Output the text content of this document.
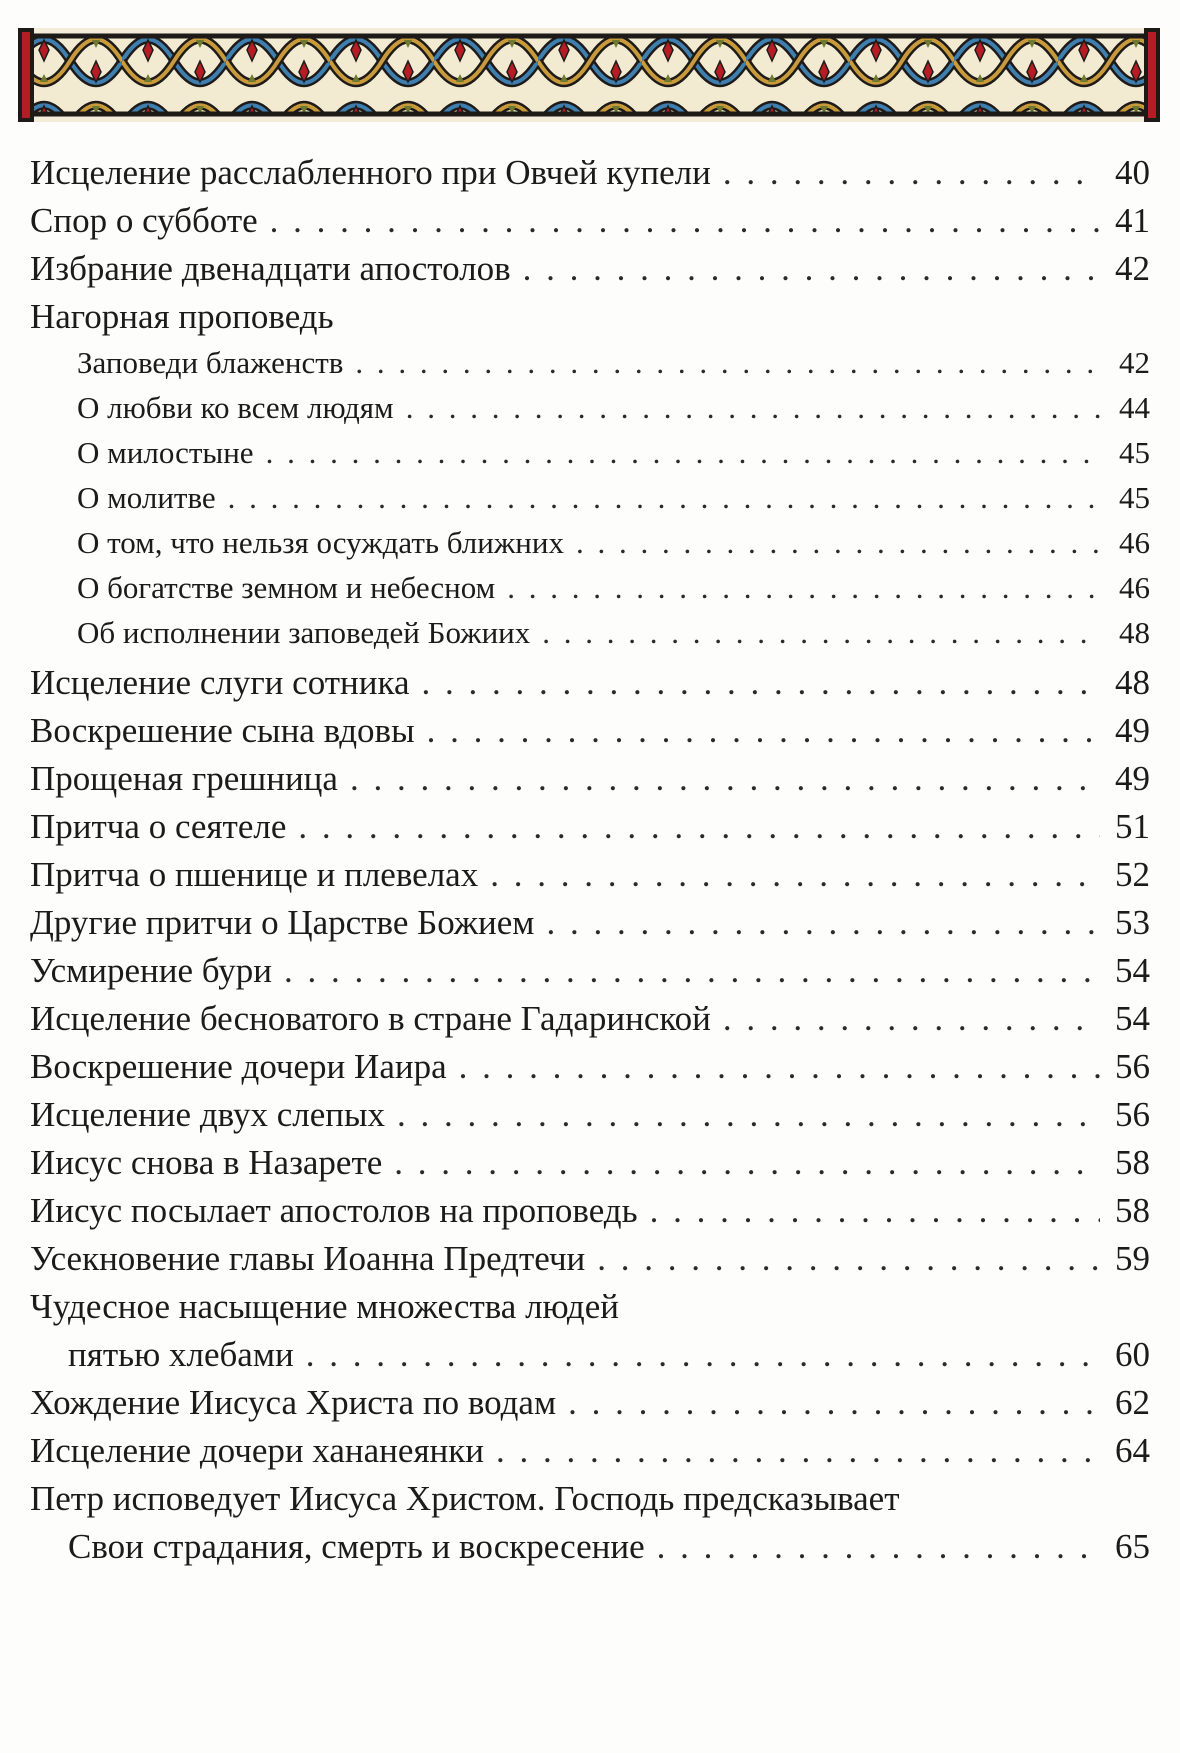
Исцеление расслабленного при Овчей купели . . .	40
Спор о субботе . . .	41
Избрание двенадцати апостолов . . .	42
Нагорная проповедь
Заповеди блаженств . . .	42
О любви ко всем людям . . .	44
О милостыне . . .	45
О молитве . . .	45
О том, что нельзя осуждать ближних . . .	46
О богатстве земном и небесном . . .	46
Об исполнении заповедей Божиих . . .	48
Исцеление слуги сотника . . .	48
Воскрешение сына вдовы . . .	49
Прощеная грешница . . .	49
Притча о сеятеле . . .	51
Притча о пшенице и плевелах . . .	52
Другие притчи о Царстве Божием . . .	53
Усмирение бури . . .	54
Исцеление бесноватого в стране Гадаринской . . .	54
Воскрешение дочери Иаира . . .	56
Исцеление двух слепых . . .	56
Иисус снова в Назарете . . .	58
Иисус посылает апостолов на проповедь . . .	58
Усекновение главы Иоанна Предтечи . . .	59
Чудесное насыщение множества людей
пятью хлебами . . .	60
Хождение Иисуса Христа по водам . . .	62
Исцеление дочери хананеянки . . .	64
Петр исповедует Иисуса Христом. Господь предсказывает
Свои страдания, смерть и воскресение . . .	65
